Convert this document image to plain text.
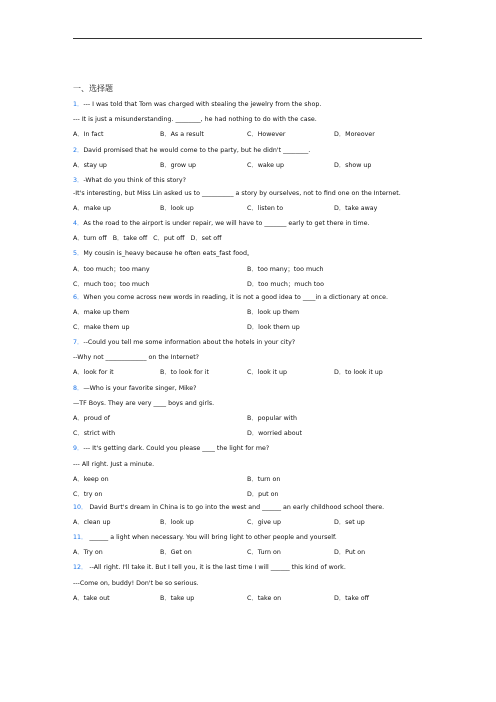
一、选择题
1．--- I was told that Tom was charged with stealing the jewelry from the shop.
--- It is just a misunderstanding. ________, he had nothing to do with the case.
A．In fact	B．As a result	C．However	D．Moreover
2．David promised that he would come to the party, but he didn't ________.
A．stay up	B．grow up	C．wake up	D．show up
3．-What do you think of this story?
-It's interesting, but Miss Lin asked us to __________ a story by ourselves, not to find one on the Internet.
A．make up	B．look up	C．listen to	D．take away
4．As the road to the airport is under repair, we will have to _______ early to get there in time.
A．turn off B．take off C．put off D．set off
5．My cousin is_heavy because he often eats_fast food。
A．too much；too many	B．too many；too much
C．much too；too much	D．too much；much too
6．When you come across new words in reading, it is not a good idea to ____in a dictionary at once.
A．make up them	B．look up them
C．make them up	D．look them up
7．--Could you tell me some information about the hotels in your city?
--Why not _____________ on the Internet?
A．look for it	B．to look for it	C．look it up	D．to look it up
8．—Who is your favorite singer, Mike?
—TF Boys. They are very ____ boys and girls.
A．proud of	B．popular with
C．strict with	D．worried about
9．--- It's getting dark. Could you please ____ the light for me?
--- All right. Just a minute.
A．keep on	B．turn on
C．try on	D．put on
10． David Burt's dream in China is to go into the west and ______ an early childhood school there.
A．clean up	B．look up	C．give up	D．set up
11． ______ a light when necessary. You will bring light to other people and yourself.
A．Try on	B．Get on	C．Turn on	D．Put on
12． --All right. I'll take it. But I tell you, it is the last time I will ______ this kind of work.
---Come on, buddy! Don't be so serious.
A．take out	B．take up	C．take on	D．take off
